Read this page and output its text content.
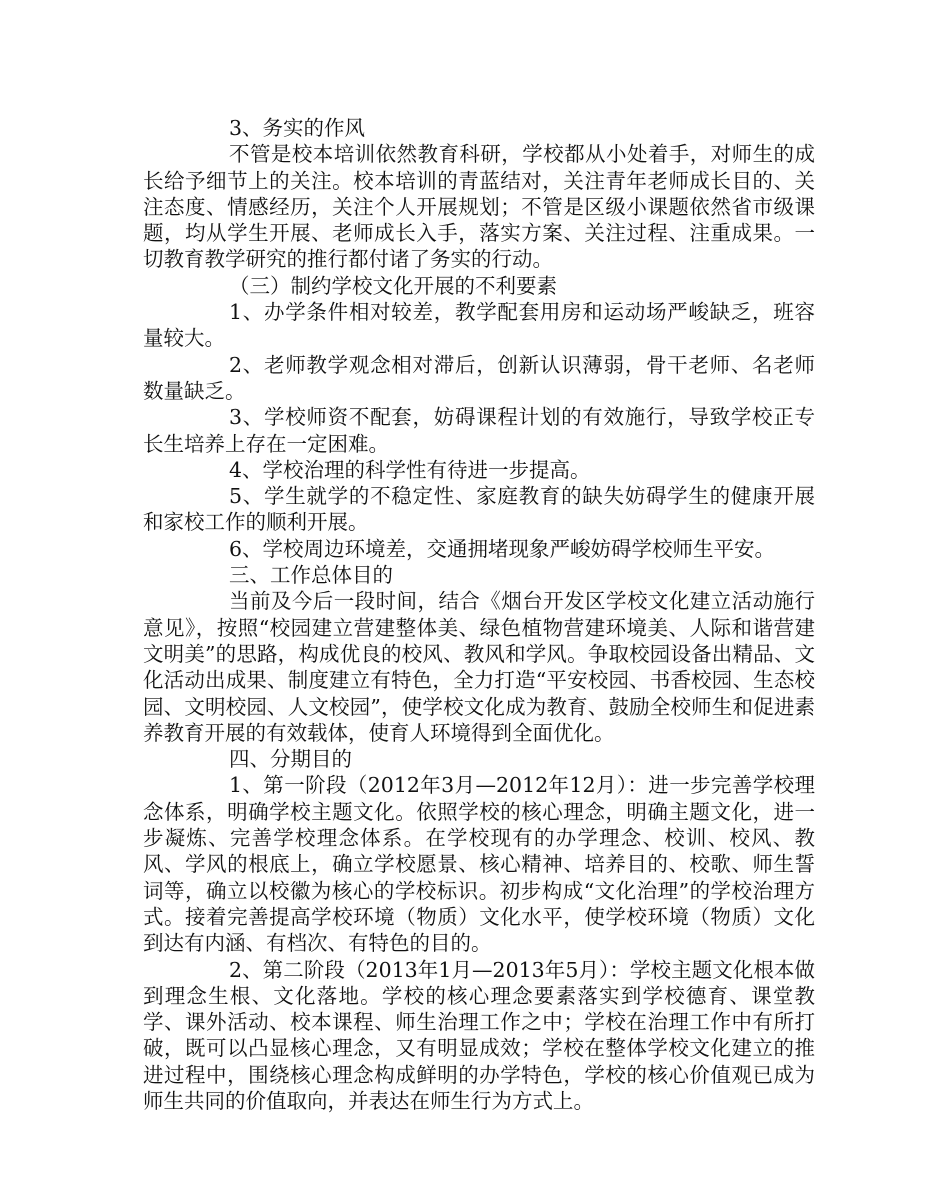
3、务实的作风

不管是校本培训依然教育科研，学校都从小处着手，对师生的成长给予细节上的关注。校本培训的青蓝结对，关注青年老师成长目的、关注态度、情感经历，关注个人开展规划；不管是区级小课题依然省市级课题，均从学生开展、老师成长入手，落实方案、关注过程、注重成果。一切教育教学研究的推行都付诸了务实的行动。

（三）制约学校文化开展的不利要素

1、办学条件相对较差，教学配套用房和运动场严峻缺乏，班容量较大。

2、老师教学观念相对滞后，创新认识薄弱，骨干老师、名老师数量缺乏。

3、学校师资不配套，妨碍课程计划的有效施行，导致学校正专长生培养上存在一定困难。

4、学校治理的科学性有待进一步提高。

5、学生就学的不稳定性、家庭教育的缺失妨碍学生的健康开展和家校工作的顺利开展。

6、学校周边环境差，交通拥堵现象严峻妨碍学校师生平安。

三、工作总体目的

当前及今后一段时间，结合《烟台开发区学校文化建立活动施行意见》，按照“校园建立营建整体美、绿色植物营建环境美、人际和谐营建文明美”的思路，构成优良的校风、教风和学风。争取校园设备出精品、文化活动出成果、制度建立有特色，全力打造“平安校园、书香校园、生态校园、文明校园、人文校园”，使学校文化成为教育、鼓励全校师生和促进素养教育开展的有效载体，使育人环境得到全面优化。

四、分期目的

1、第一阶段（2012年3月—2012年12月）：进一步完善学校理念体系，明确学校主题文化。依照学校的核心理念，明确主题文化，进一步凝炼、完善学校理念体系。在学校现有的办学理念、校训、校风、教风、学风的根底上，确立学校愿景、核心精神、培养目的、校歌、师生誓词等，确立以校徽为核心的学校标识。初步构成“文化治理”的学校治理方式。接着完善提高学校环境（物质）文化水平，使学校环境（物质）文化到达有内涵、有档次、有特色的目的。

2、第二阶段（2013年1月—2013年5月）：学校主题文化根本做到理念生根、文化落地。学校的核心理念要素落实到学校德育、课堂教学、课外活动、校本课程、师生治理工作之中；学校在治理工作中有所打破，既可以凸显核心理念，又有明显成效；学校在整体学校文化建立的推进过程中，围绕核心理念构成鲜明的办学特色，学校的核心价值观已成为师生共同的价值取向，并表达在师生行为方式上。
